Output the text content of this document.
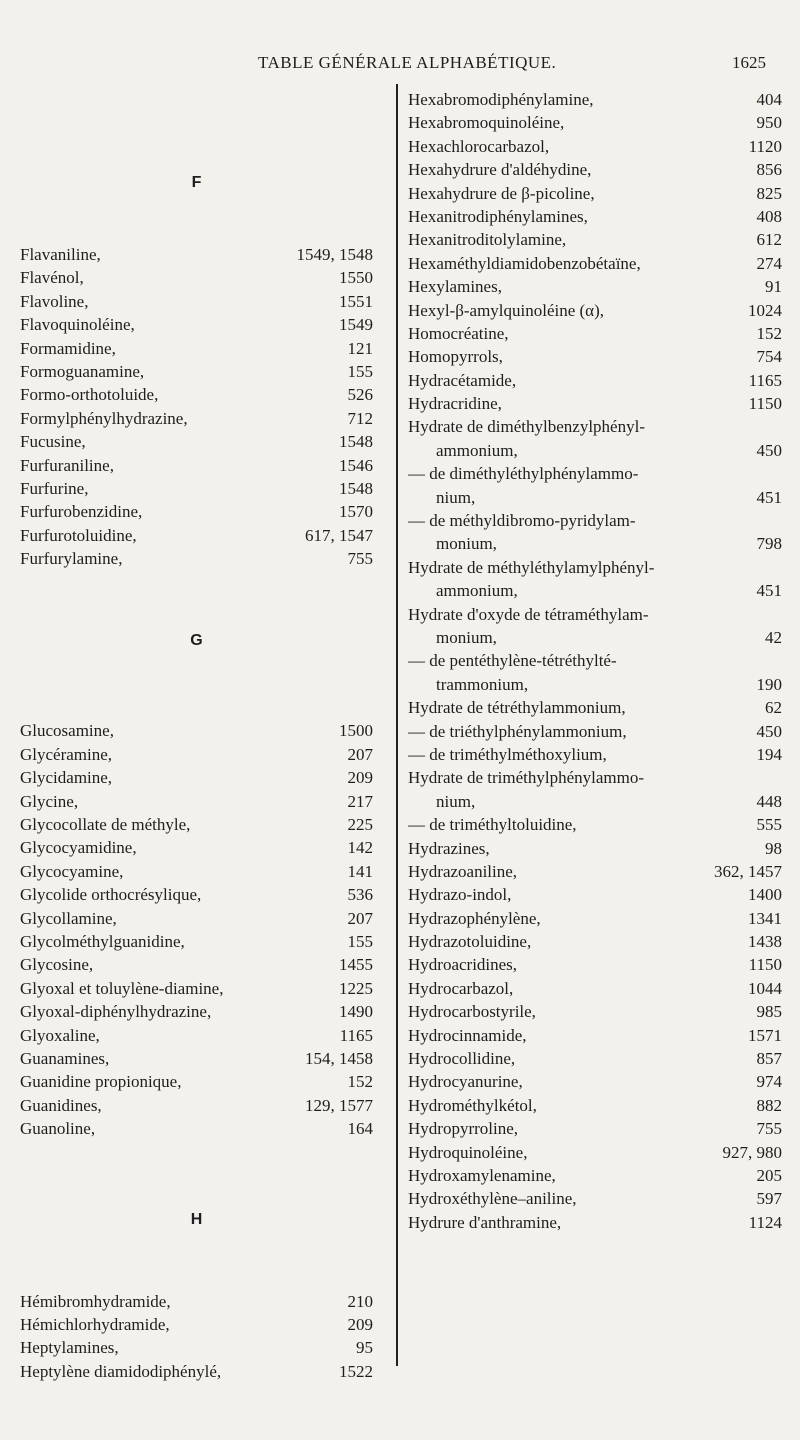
TABLE GÉNÉRALE ALPHABÉTIQUE.	1625
F
Flavaniline,	1549, 1548
Flavénol,	1550
Flavoline,	1551
Flavoquinoléine,	1549
Formamidine,	121
Formoguanamine,	155
Formo-orthotoluide,	526
Formylphénylhydrazine,	712
Fucusine,	1548
Furfuraniline,	1546
Furfurine,	1548
Furfurobenzidine,	1570
Furfurotoluidine,	617, 1547
Furfurylamine,	755
G
Glucosamine,	1500
Glycéramine,	207
Glycidamine,	209
Glycine,	217
Glycocollate de méthyle,	225
Glycocyamidine,	142
Glycocyamine,	141
Glycolide orthocrésylique,	536
Glycollamine,	207
Glycolméthylguanidine,	155
Glycosine,	1455
Glyoxal et toluylène-diamine,	1225
Glyoxal-diphénylhydrazine,	1490
Glyoxaline,	1165
Guanamines,	154, 1458
Guanidine propionique,	152
Guanidines,	129, 1577
Guanoline,	164
H
Hémibromhydramide,	210
Hémichlorhydramide,	209
Heptylamines,	95
Heptylène diamidodiphénylé,	1522
Hexabromodiphénylamine,	404
Hexabromoquinoléine,	950
Hexachlorocarbazol,	1120
Hexahydrure d'aldéhydine,	856
Hexahydrure de β-picoline,	825
Hexanitrodiphénylamines,	408
Hexanitroditolylamine,	612
Hexaméthyldiamidobenzobétaïne,	274
Hexylamines,	91
Hexyl-β-amylquinoléine (α),	1024
Homocréatine,	152
Homopyrrols,	754
Hydracétamide,	1165
Hydracridine,	1150
Hydrate de diméthylbenzylphényl-
ammonium,	450
— de diméthyléthylphénylammo-
nium,	451
— de méthyldibromo-pyridylam-
monium,	798
Hydrate de méthyléthylamylphényl-
ammonium,	451
Hydrate d'oxyde de tétraméthylam-
monium,	42
— de pentéthylène-tétréthylté-
trammonium,	190
Hydrate de tétréthylammonium,	62
— de triéthylphénylammonium,	450
— de triméthylméthoxylium,	194
Hydrate de triméthylphénylammo-
nium,	448
— de triméthyltoluidine,	555
Hydrazines,	98
Hydrazoaniline,	362, 1457
Hydrazo-indol,	1400
Hydrazophénylène,	1341
Hydrazotoluidine,	1438
Hydroacridines,	1150
Hydrocarbazol,	1044
Hydrocarbostyrile,	985
Hydrocinnamide,	1571
Hydrocollidine,	857
Hydrocyanurine,	974
Hydrométhylkétol,	882
Hydropyrroline,	755
Hydroquinoléine,	927, 980
Hydroxamylenamine,	205
Hydroxéthylène–aniline,	597
Hydrure d'anthramine,	1124
